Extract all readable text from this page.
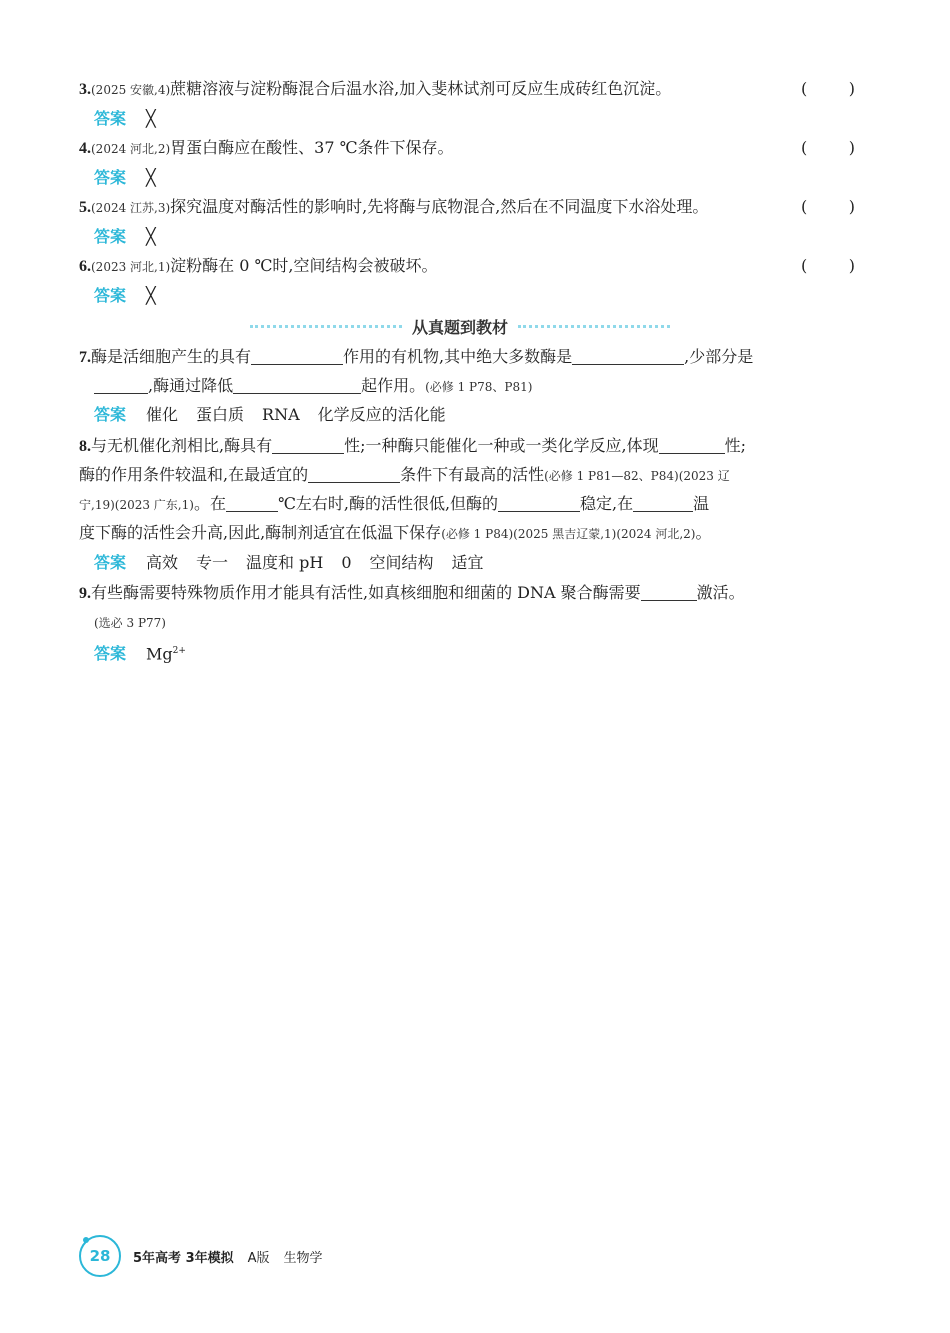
3.(2025 安徽,4)蔗糖溶液与淀粉酶混合后温水浴,加入斐林试剂可反应生成砖红色沉淀。	(	)
答案 ╳
4.(2024 河北,2)胃蛋白酶应在酸性、37 ℃条件下保存。	(	)
答案 ╳
5.(2024 江苏,3)探究温度对酶活性的影响时,先将酶与底物混合,然后在不同温度下水浴处理。	(	)
答案 ╳
6.(2023 河北,1)淀粉酶在 0 ℃时,空间结构会被破坏。	(	)
答案 ╳
从真题到教材
7.酶是活细胞产生的具有	作用的有机物,其中绝大多数酶是	,少部分是
,酶通过降低	起作用。(必修 1 P78、P81)
答案 催化 蛋白质 RNA 化学反应的活化能
8.与无机催化剂相比,酶具有	性;一种酶只能催化一种或一类化学反应,体现	性;
酶的作用条件较温和,在最适宜的	条件下有最高的活性(必修 1 P81—82、P84)(2023 辽
宁,19)(2023 广东,1)。在	℃左右时,酶的活性很低,但酶的	稳定,在	温
度下酶的活性会升高,因此,酶制剂适宜在低温下保存(必修 1 P84)(2025 黑吉辽蒙,1)(2024 河北,2)。
答案 高效 专一 温度和 pH 0 空间结构 适宜
9.有些酶需要特殊物质作用才能具有活性,如真核细胞和细菌的 DNA 聚合酶需要	激活。
(选必 3 P77)
答案 $Mg^{2+}$
28 5年高考 3年模拟 A版 生物学
